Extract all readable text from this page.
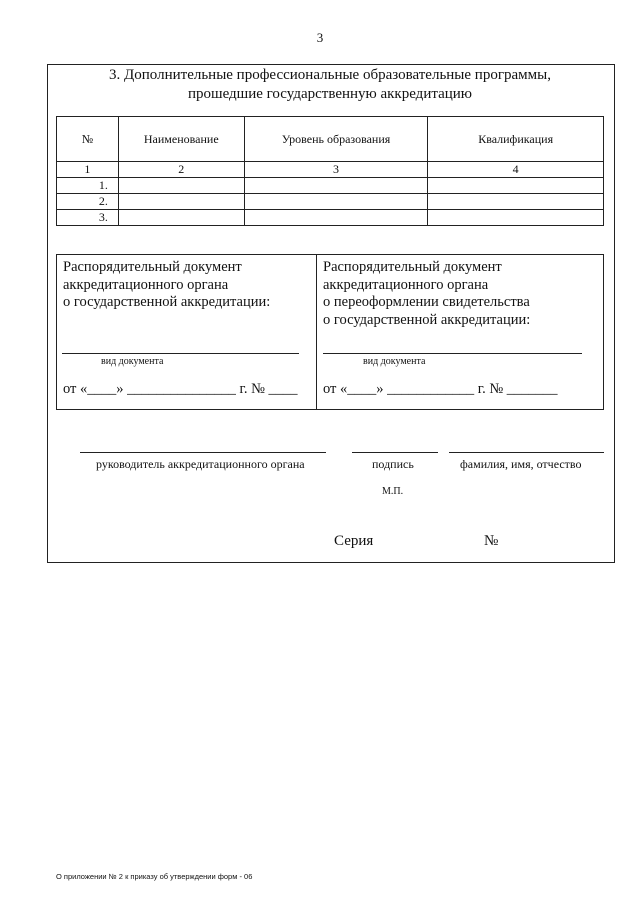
3
3. Дополнительные профессиональные образовательные программы,
прошедшие государственную аккредитацию
№	Наименование	Уровень образования	Квалификация
1	2	3	4
1.			
2.			
3.			
Распорядительный документ
аккредитационного органа
о государственной аккредитации:
вид документа
от «____» _______________ г. № ____
Распорядительный документ
аккредитационного органа
о переоформлении свидетельства
о государственной аккредитации:
вид документа
от «____» ____________ г. № _______
руководитель аккредитационного органа	подпись	фамилия, имя, отчество
М.П.
Серия	№
О приложении № 2 к приказу об утверждении форм - 06
